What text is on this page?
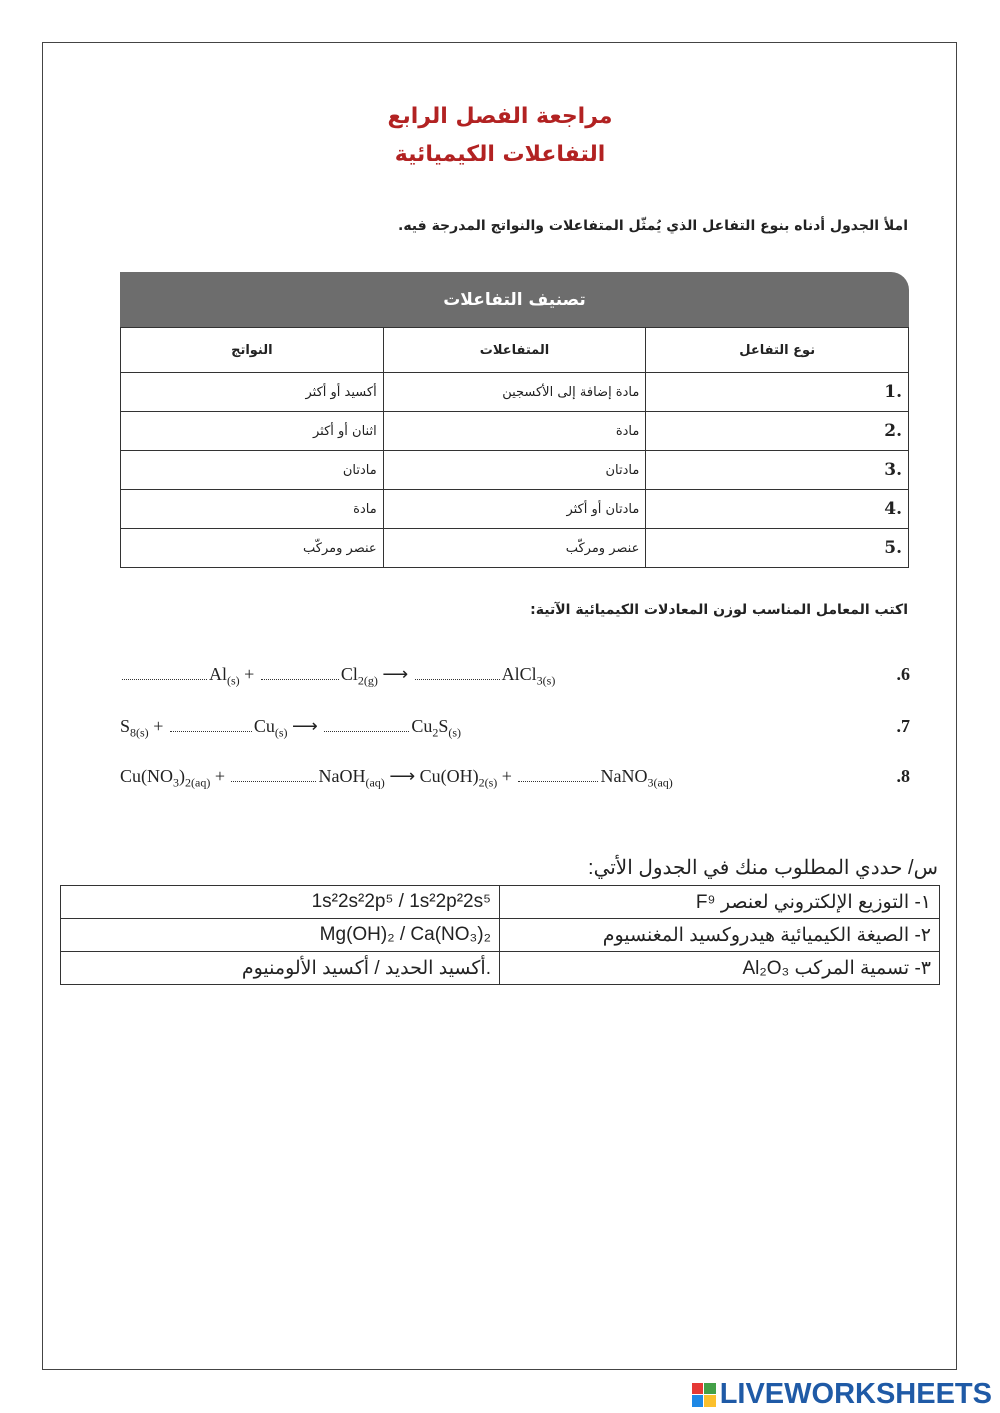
مراجعة الفصل الرابع
التفاعلات الكيميائية
املأ الجدول أدناه بنوع التفاعل الذي يُمثّل المتفاعلات والنواتج المدرجة فيه.
تصنيف التفاعلات
نوع التفاعل	المتفاعلات	النواتج
1.	مادة إضافة إلى الأكسجين	أكسيد أو أكثر
2.	مادة	اثنان أو أكثر
3.	مادتان	مادتان
4.	مادتان أو أكثر	مادة
5.	عنصر ومركّب	عنصر ومركّب
اكتب المعامل المناسب لوزن المعادلات الكيميائية الآتية:
$Al_{(s)}$ +	$Cl_{2(g)}$ ⟶	AlCl$_{3(s)}$	.6
$S_{8(s)}$ +	$Cu_{(s)}$ ⟶	$Cu_2S_{(s)}$	.7
$Cu(NO_3)_{2(aq)}$ +	NaOH$_{(aq)}$ ⟶ $Cu(OH)_{2(s)}$ +	NaNO$_{3(aq)}$	.8
س/ حددي المطلوب منك في الجدول الأتي:
1s²2s²2p⁵ / 1s²2p²2s⁵	١- التوزيع الإلكتروني لعنصر F⁹
Mg(OH)₂ / Ca(NO₃)₂	٢- الصيغة الكيميائية هيدروكسيد المغنسيوم
أكسيد الحديد / أكسيد الألومنيوم.	٣- تسمية المركب Al₂O₃
LIVEWORKSHEETS
